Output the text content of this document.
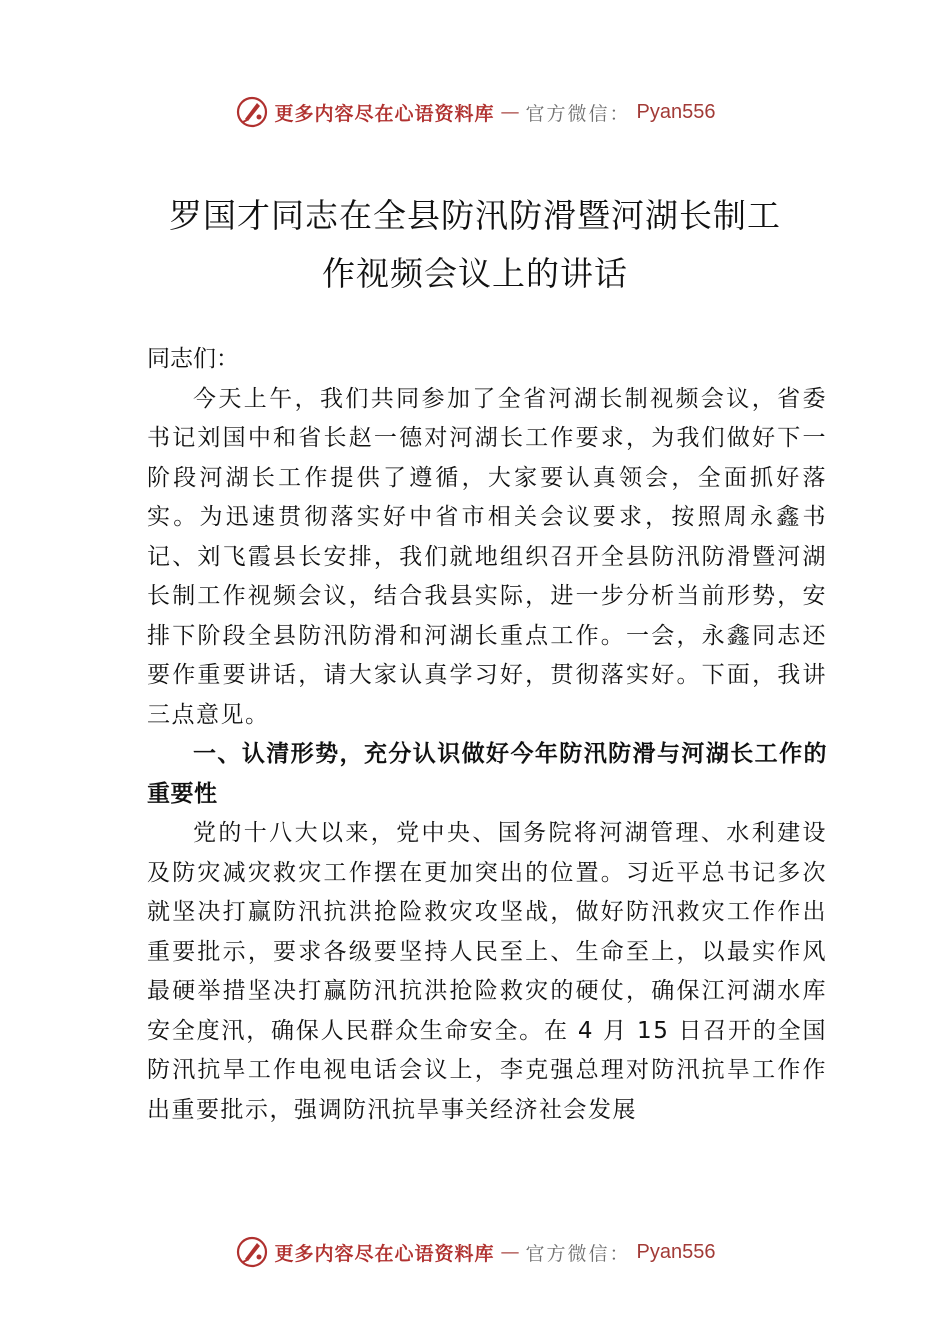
更多内容尽在心语资料库 — 官方微信： Pyan556
罗国才同志在全县防汛防滑暨河湖长制工
作视频会议上的讲话

同志们：

今天上午，我们共同参加了全省河湖长制视频会议，省委书记刘国中和省长赵一德对河湖长工作要求，为我们做好下一阶段河湖长工作提供了遵循，大家要认真领会，全面抓好落实。为迅速贯彻落实好中省市相关会议要求，按照周永鑫书记、刘飞霞县长安排，我们就地组织召开全县防汛防滑暨河湖长制工作视频会议，结合我县实际，进一步分析当前形势，安排下阶段全县防汛防滑和河湖长重点工作。一会，永鑫同志还要作重要讲话，请大家认真学习好，贯彻落实好。下面，我讲三点意见。

一、认清形势，充分认识做好今年防汛防滑与河湖长工作的重要性

党的十八大以来，党中央、国务院将河湖管理、水利建设及防灾减灾救灾工作摆在更加突出的位置。习近平总书记多次就坚决打赢防汛抗洪抢险救灾攻坚战，做好防汛救灾工作作出重要批示，要求各级要坚持人民至上、生命至上，以最实作风最硬举措坚决打赢防汛抗洪抢险救灾的硬仗，确保江河湖水库安全度汛，确保人民群众生命安全。在 4 月 15 日召开的全国防汛抗旱工作电视电话会议上，李克强总理对防汛抗旱工作作出重要批示，强调防汛抗旱事关经济社会发展

更多内容尽在心语资料库 — 官方微信： Pyan556
